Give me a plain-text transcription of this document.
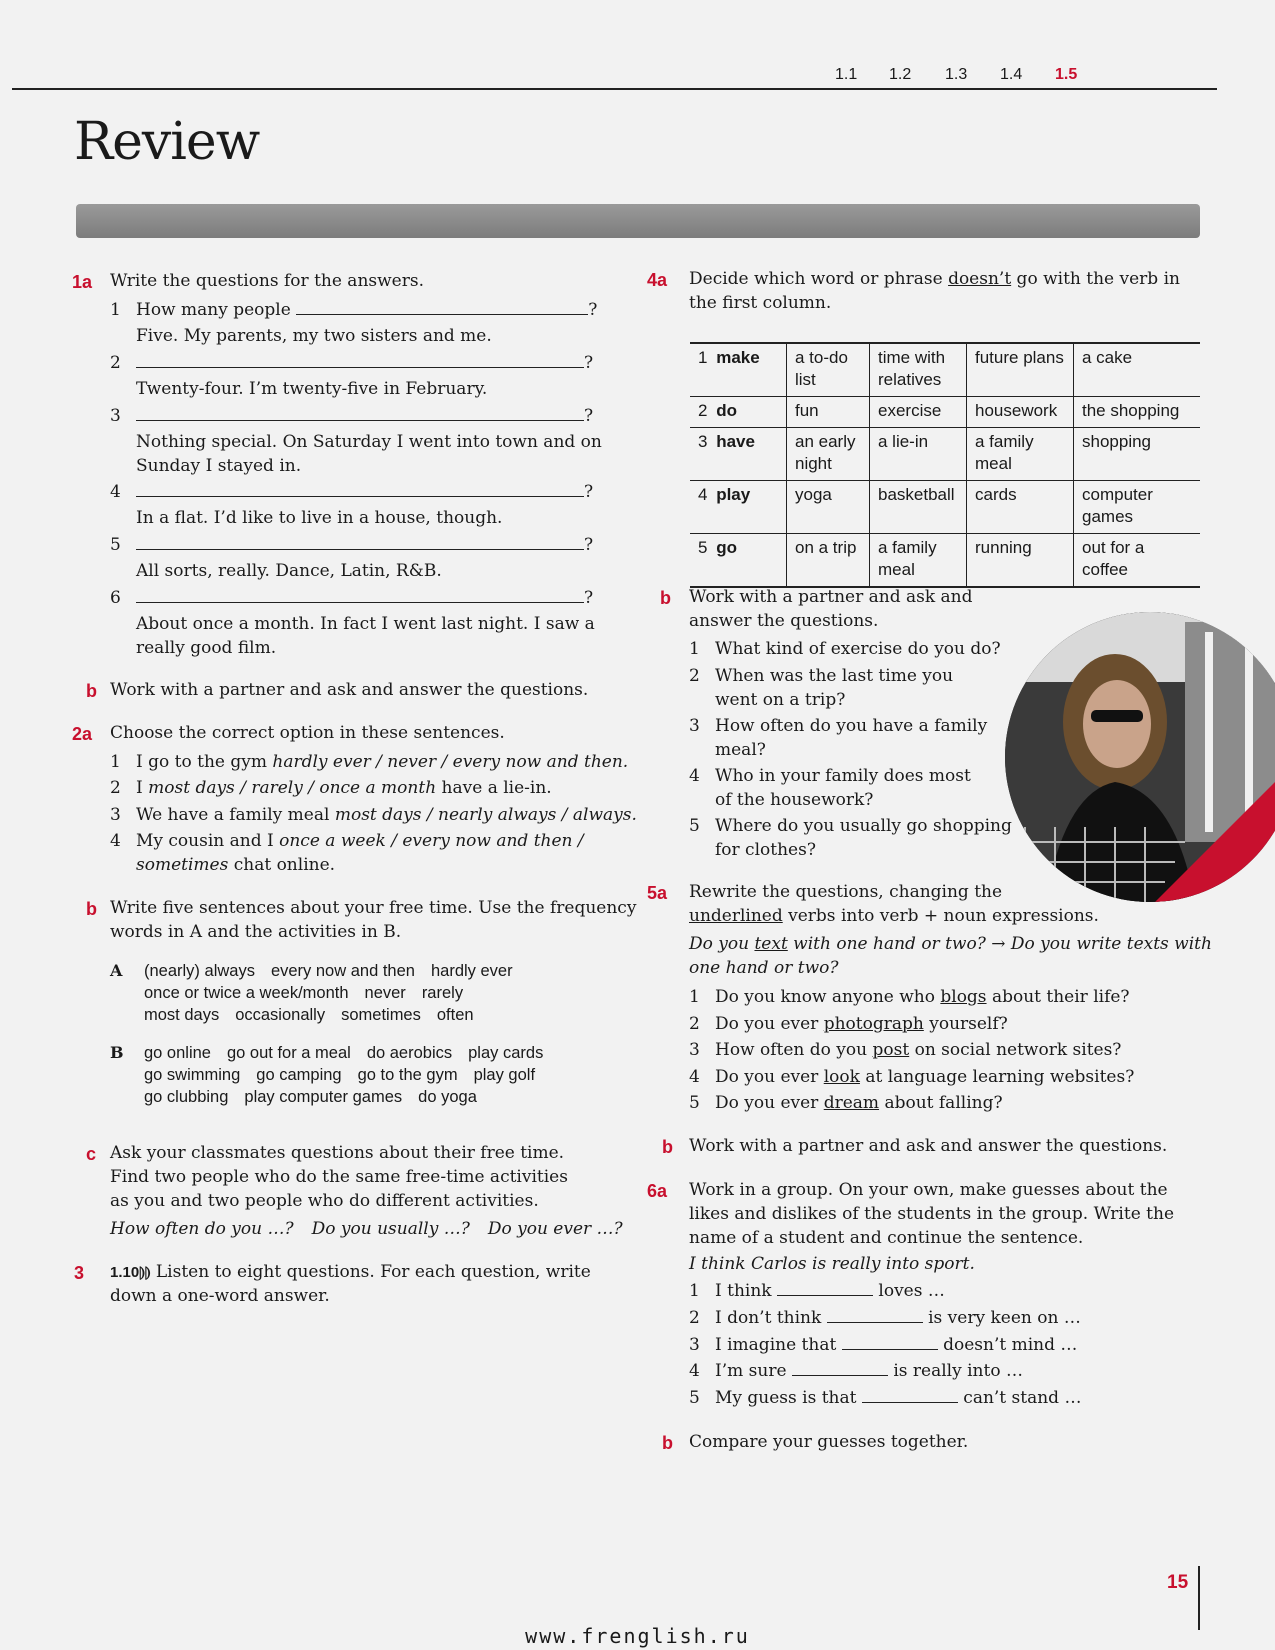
1.1 1.2 1.3 1.4 1.5
Review
1a Write the questions for the answers.
1 How many people	?
Five. My parents, my two sisters and me.
2	?
Twenty-four. I’m twenty-five in February.
3	?
Nothing special. On Saturday I went into town and on
Sunday I stayed in.
4	?
In a flat. I’d like to live in a house, though.
5	?
All sorts, really. Dance, Latin, R&B.
6	?
About once a month. In fact I went last night. I saw a
really good film.
b Work with a partner and ask and answer the questions.
2a Choose the correct option in these sentences.
1 I go to the gym hardly ever / never / every now and then.
2 I most days / rarely / once a month have a lie-in.
3 We have a family meal most days / nearly always / always.
4 My cousin and I once a week / every now and then /
sometimes chat online.
b Write five sentences about your free time. Use the frequency
words in A and the activities in B.
A (nearly) always every now and then hardly ever
once or twice a week/month never rarely
most days occasionally sometimes often
B go online go out for a meal do aerobics play cards
go swimming go camping go to the gym play golf
go clubbing play computer games do yoga
c Ask your classmates questions about their free time.
Find two people who do the same free-time activities
as you and two people who do different activities.
How often do you …? Do you usually …? Do you ever …?
3 1.10⦈⦈ Listen to eight questions. For each question, write
down a one-word answer.
4a Decide which word or phrase doesn’t go with the verb in
the first column.
1 make	a to-do list	time with relatives	future plans	a cake
2 do	fun	exercise	housework	the shopping
3 have	an early night	a lie-in	a family meal	shopping
4 play	yoga	basketball	cards	computer games
5 go	on a trip	a family meal	running	out for a coffee
b Work with a partner and ask and
answer the questions.
1 What kind of exercise do you do?
2 When was the last time you
went on a trip?
3 How often do you have a family
meal?
4 Who in your family does most
of the housework?
5 Where do you usually go shopping
for clothes?
5a Rewrite the questions, changing the
underlined verbs into verb + noun expressions.
Do you text with one hand or two? → Do you write texts with
one hand or two?
1 Do you know anyone who blogs about their life?
2 Do you ever photograph yourself?
3 How often do you post on social network sites?
4 Do you ever look at language learning websites?
5 Do you ever dream about falling?
b Work with a partner and ask and answer the questions.
6a Work in a group. On your own, make guesses about the
likes and dislikes of the students in the group. Write the
name of a student and continue the sentence.
I think Carlos is really into sport.
1 I think	loves …
2 I don’t think	is very keen on …
3 I imagine that	doesn’t mind …
4 I’m sure	is really into …
5 My guess is that	can’t stand …
b Compare your guesses together.
15
www.frenglish.ru
